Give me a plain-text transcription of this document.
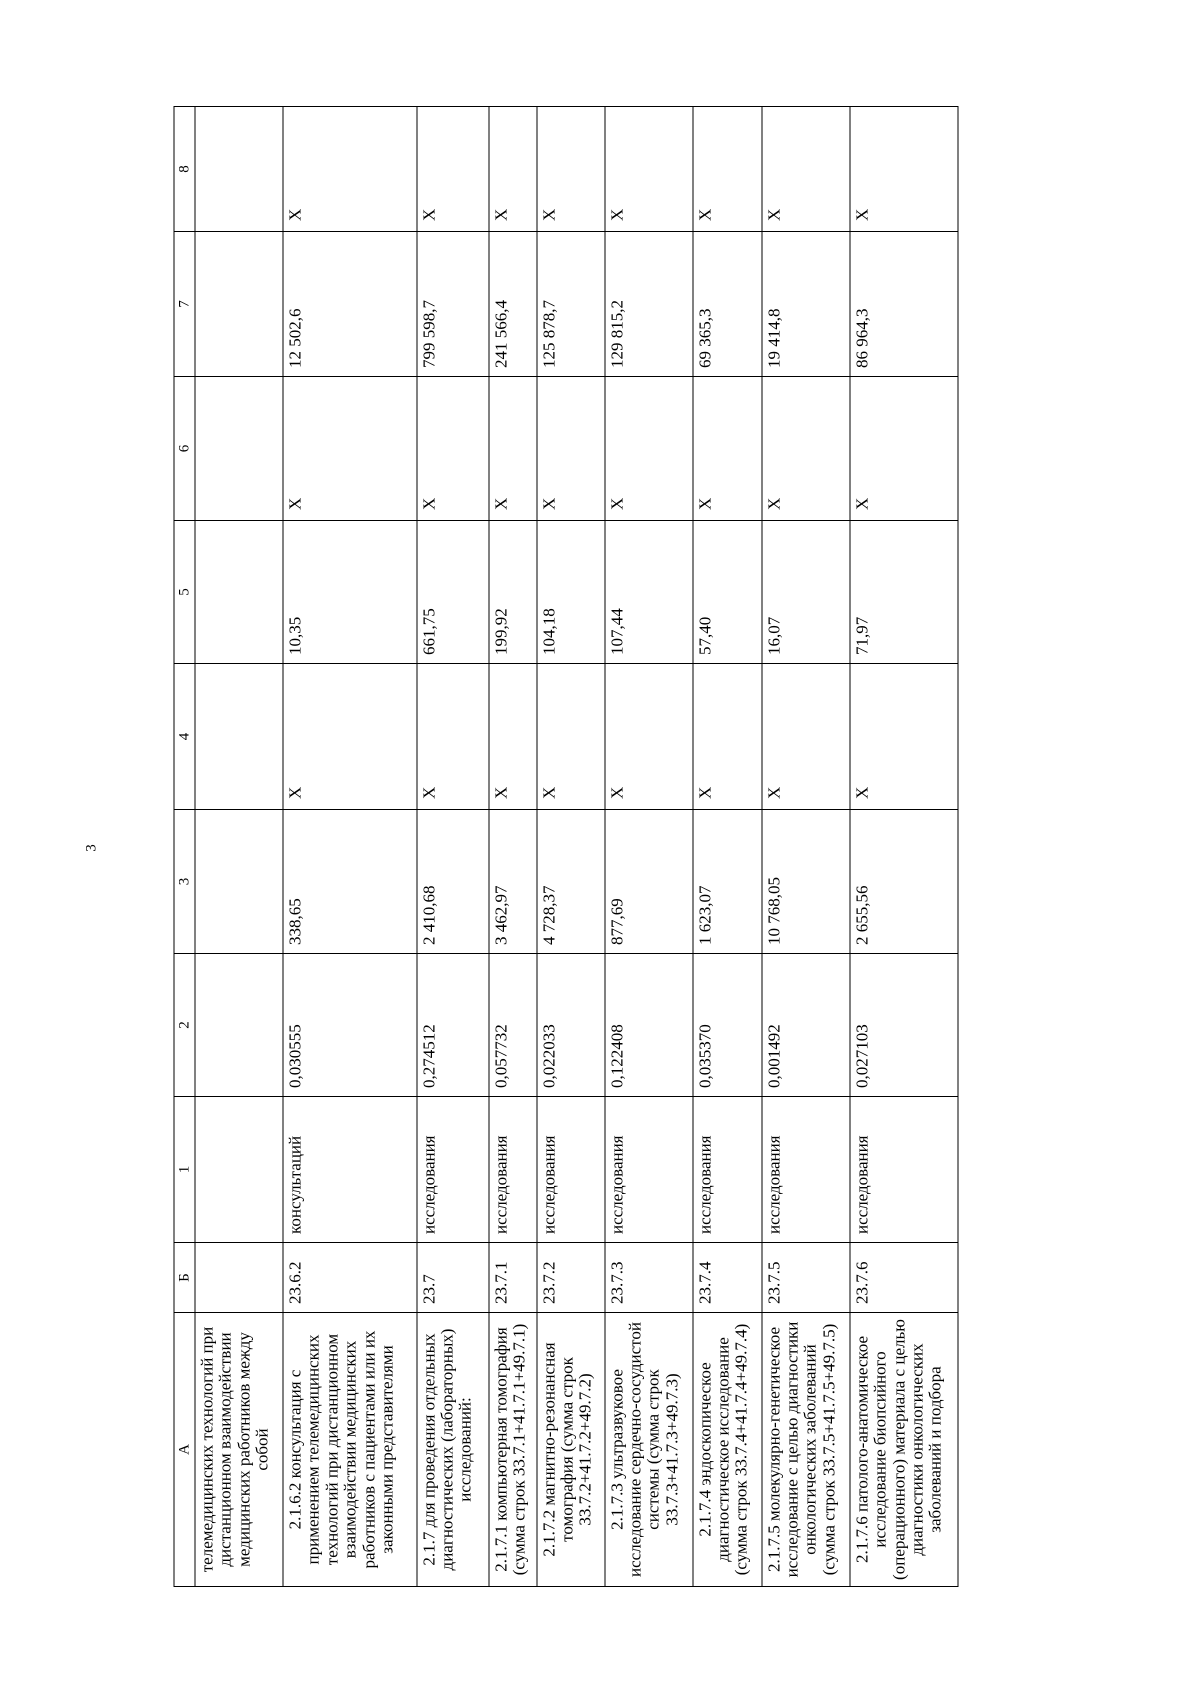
3
А	Б	1	2	3	4	5	6	7	8
телемедицинских технологий при дистанционном взаимодействии медицинских работников между собой									
2.1.6.2 консультация с применением телемедицинских технологий при дистанционном взаимодействии медицинских работников с пациентами или их законными представителями	23.6.2	консультаций	0,030555	338,65	Х	10,35	Х	12 502,6	Х
2.1.7 для проведения отдельных диагностических (лабораторных) исследований:	23.7	исследования	0,274512	2 410,68	Х	661,75	Х	799 598,7	Х
2.1.7.1 компьютерная томография (сумма строк 33.7.1+41.7.1+49.7.1)	23.7.1	исследования	0,057732	3 462,97	Х	199,92	Х	241 566,4	Х
2.1.7.2 магнитно-резонансная томография (сумма строк 33.7.2+41.7.2+49.7.2)	23.7.2	исследования	0,022033	4 728,37	Х	104,18	Х	125 878,7	Х
2.1.7.3 ультразвуковое исследование сердечно-сосудистой системы (сумма строк 33.7.3+41.7.3+49.7.3)	23.7.3	исследования	0,122408	877,69	Х	107,44	Х	129 815,2	Х
2.1.7.4 эндоскопическое диагностическое исследование (сумма строк 33.7.4+41.7.4+49.7.4)	23.7.4	исследования	0,035370	1 623,07	Х	57,40	Х	69 365,3	Х
2.1.7.5 молекулярно-генетическое исследование с целью диагностики онкологических заболеваний (сумма строк 33.7.5+41.7.5+49.7.5)	23.7.5	исследования	0,001492	10 768,05	Х	16,07	Х	19 414,8	Х
2.1.7.6 патолого-анатомическое исследование биопсийного (операционного) материала с целью диагностики онкологических заболеваний и подбора	23.7.6	исследования	0,027103	2 655,56	Х	71,97	Х	86 964,3	Х
